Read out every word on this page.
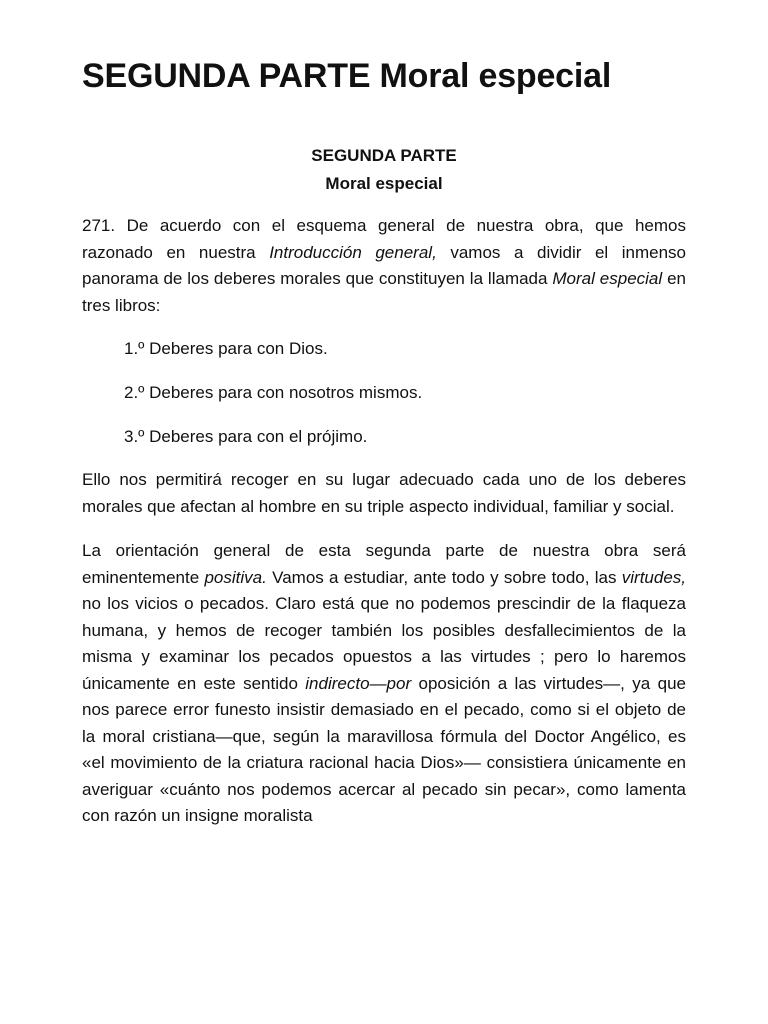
SEGUNDA PARTE Moral especial
SEGUNDA PARTE
Moral especial

271. De acuerdo con el esquema general de nuestra obra, que hemos razonado en nuestra Introducción general, vamos a dividir el inmenso panorama de los deberes morales que constituyen la llamada Moral especial en tres libros:

1.º Deberes para con Dios.
2.º Deberes para con nosotros mismos.
3.º Deberes para con el prójimo.

Ello nos permitirá recoger en su lugar adecuado cada uno de los deberes morales que afectan al hombre en su triple aspecto individual, familiar y social.

La orientación general de esta segunda parte de nuestra obra será eminentemente positiva. Vamos a estudiar, ante todo y sobre todo, las virtudes, no los vicios o pecados. Claro está que no podemos prescindir de la flaqueza humana, y hemos de recoger también los posibles desfallecimientos de la misma y examinar los pecados opuestos a las virtudes ; pero lo haremos únicamente en este sentido indirecto—por oposición a las virtudes—, ya que nos parece error funesto insistir demasiado en el pecado, como si el objeto de la moral cristiana—que, según la maravillosa fórmula del Doctor Angélico, es «el movimiento de la criatura racional hacia Dios»— consistiera únicamente en averiguar «cuánto nos podemos acercar al pecado sin pecar», como lamenta con razón un insigne moralista
